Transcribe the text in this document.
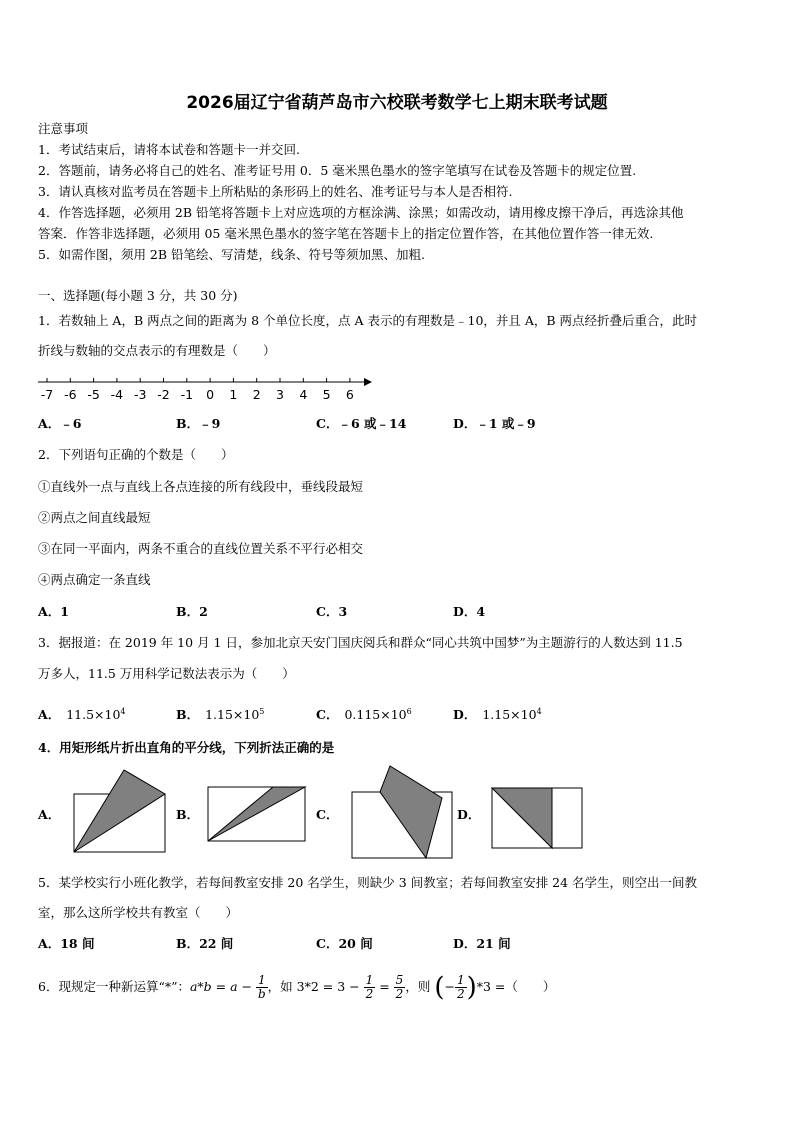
2026届辽宁省葫芦岛市六校联考数学七上期末联考试题
注意事项
1．考试结束后，请将本试卷和答题卡一并交回.
2．答题前，请务必将自己的姓名、准考证号用 0．5 毫米黑色墨水的签字笔填写在试卷及答题卡的规定位置.
3．请认真核对监考员在答题卡上所粘贴的条形码上的姓名、准考证号与本人是否相符.
4．作答选择题，必须用 2B 铅笔将答题卡上对应选项的方框涂满、涂黑；如需改动，请用橡皮擦干净后，再选涂其他
答案．作答非选择题，必须用 05 毫米黑色墨水的签字笔在答题卡上的指定位置作答，在其他位置作答一律无效.
5．如需作图，须用 2B 铅笔绘、写清楚，线条、符号等须加黑、加粗.
一、选择题(每小题 3 分，共 30 分)
1．若数轴上 A，B 两点之间的距离为 8 个单位长度，点 A 表示的有理数是﹣10，并且 A，B 两点经折叠后重合，此时
折线与数轴的交点表示的有理数是（　　）
-7 -6 -5 -4 -3 -2 -1 0 1 2 3 4 5 6
A．﹣6	B．﹣9	C．﹣6 或﹣14	D．﹣1 或﹣9
2．下列语句正确的个数是（　　）
①直线外一点与直线上各点连接的所有线段中，垂线段最短
②两点之间直线最短
③在同一平面内，两条不重合的直线位置关系不平行必相交
④两点确定一条直线
A．1	B．2	C．3	D．4
3．据报道：在 2019 年 10 月 1 日，参加北京天安门国庆阅兵和群众“同心共筑中国梦”为主题游行的人数达到 11.5
万多人，11.5 万用科学记数法表示为（　　）
A． $11.5\times 10^4$	B． $1.15\times 10^5$	C． $0.115\times 10^6$	D． $1.15\times 10^4$
4．用矩形纸片折出直角的平分线，下列折法正确的是
A．	B．	C．	D．
5．某学校实行小班化教学，若每间教室安排 20 名学生，则缺少 3 间教室；若每间教室安排 24 名学生，则空出一间教
室，那么这所学校共有教室（　　）
A．18 间	B．22 间	C．20 间	D．21 间
6．现规定一种新运算“*”：$a*b = a - \frac{1}{b}$ ，如 $3*2 = 3 - \frac{1}{2} = \frac{5}{2}$ ，则 (− $\frac{1}{2} )*3$ =（　　）
